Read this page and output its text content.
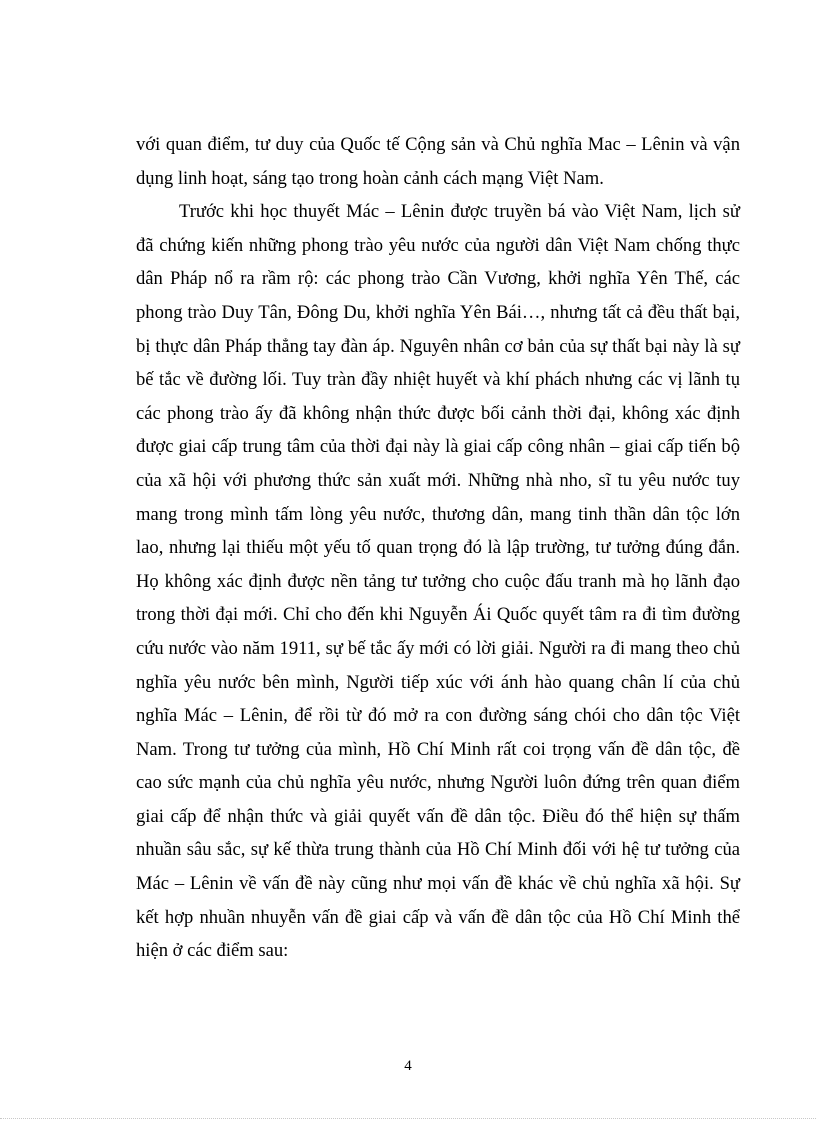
với quan điểm, tư duy của Quốc tế Cộng sản và Chủ nghĩa Mac – Lênin và vận dụng linh hoạt, sáng tạo trong hoàn cảnh cách mạng Việt Nam.

Trước khi học thuyết Mác – Lênin được truyền bá vào Việt Nam, lịch sử đã chứng kiến những phong trào yêu nước của người dân Việt Nam chống thực dân Pháp nổ ra rầm rộ: các phong trào Cần Vương, khởi nghĩa Yên Thế, các phong trào Duy Tân, Đông Du, khởi nghĩa Yên Bái…, nhưng tất cả đều thất bại, bị thực dân Pháp thẳng tay đàn áp. Nguyên nhân cơ bản của sự thất bại này là sự bế tắc về đường lối. Tuy tràn đầy nhiệt huyết và khí phách nhưng các vị lãnh tụ các phong trào ấy đã không nhận thức được bối cảnh thời đại, không xác định được giai cấp trung tâm của thời đại này là giai cấp công nhân – giai cấp tiến bộ của xã hội với phương thức sản xuất mới. Những nhà nho, sĩ tu yêu nước tuy mang trong mình tấm lòng yêu nước, thương dân, mang tinh thần dân tộc lớn lao, nhưng lại thiếu một yếu tố quan trọng đó là lập trường, tư tưởng đúng đắn. Họ không xác định được nền tảng tư tưởng cho cuộc đấu tranh mà họ lãnh đạo trong thời đại mới. Chỉ cho đến khi Nguyễn Ái Quốc quyết tâm ra đi tìm đường cứu nước vào năm 1911, sự bế tắc ấy mới có lời giải. Người ra đi mang theo chủ nghĩa yêu nước bên mình, Người tiếp xúc với ánh hào quang chân lí của chủ nghĩa Mác – Lênin, để rồi từ đó mở ra con đường sáng chói cho dân tộc Việt Nam. Trong tư tưởng của mình, Hồ Chí Minh rất coi trọng vấn đề dân tộc, đề cao sức mạnh của chủ nghĩa yêu nước, nhưng Người luôn đứng trên quan điểm giai cấp để nhận thức và giải quyết vấn đề dân tộc. Điều đó thể hiện sự thấm nhuần sâu sắc, sự kế thừa trung thành của Hồ Chí Minh đối với hệ tư tưởng của Mác – Lênin về vấn đề này cũng như mọi vấn đề khác về chủ nghĩa xã hội. Sự kết hợp nhuần nhuyễn vấn đề giai cấp và vấn đề dân tộc của Hồ Chí Minh thể hiện ở các điểm sau:

4
